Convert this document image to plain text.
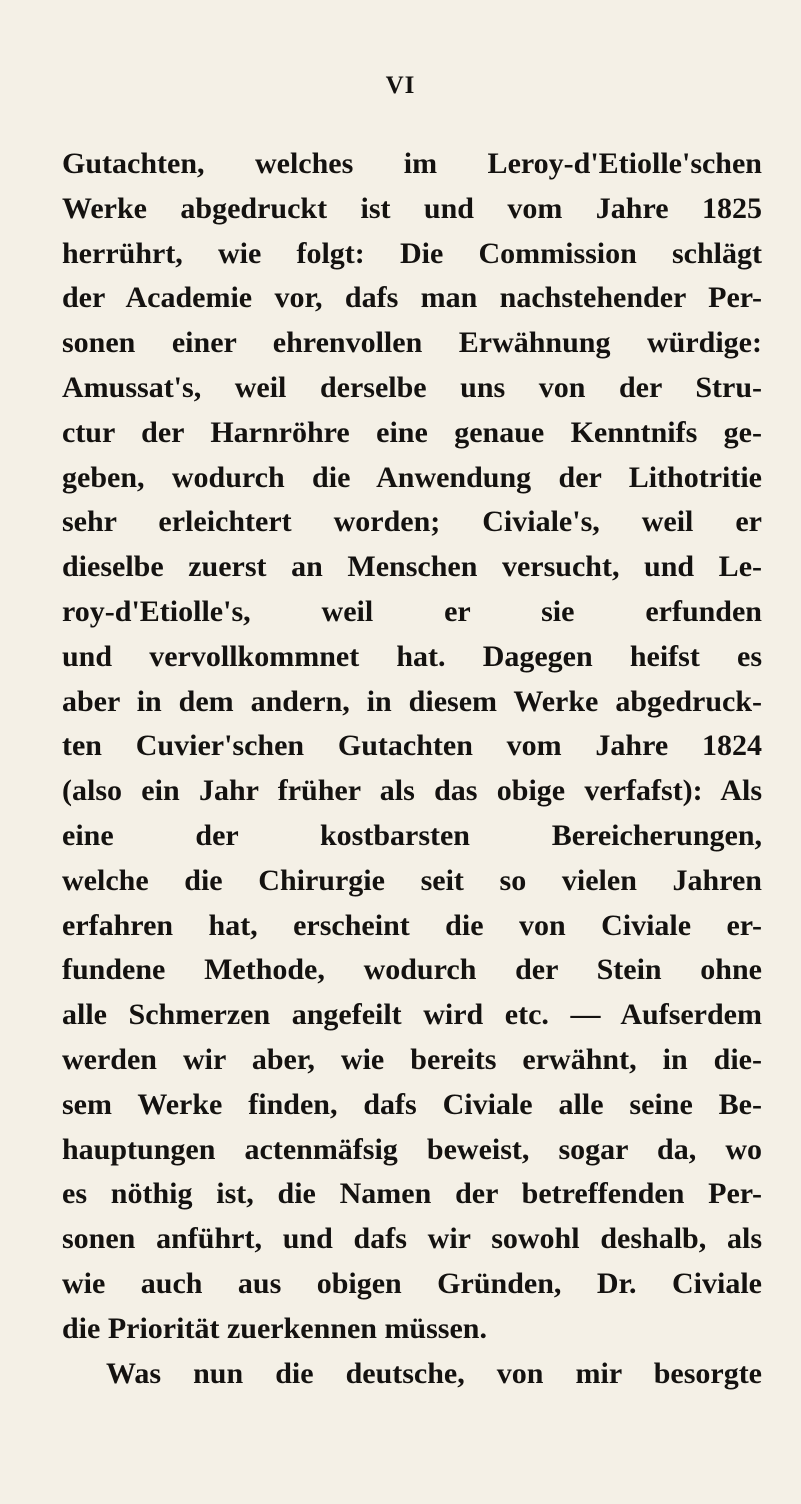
VI
Gutachten, welches im Leroy-d'Etiolle'schen
Werke abgedruckt ist und vom Jahre 1825
herrührt, wie folgt: Die Commission schlägt
der Academie vor, dafs man nachstehender Per-
sonen einer ehrenvollen Erwähnung würdige:
Amussat's, weil derselbe uns von der Stru-
ctur der Harnröhre eine genaue Kenntnifs ge-
geben, wodurch die Anwendung der Lithotritie
sehr erleichtert worden; Civiale's, weil er
dieselbe zuerst an Menschen versucht, und Le-
roy-d'Etiolle's, weil er sie erfunden
und vervollkommnet hat. Dagegen heifst es
aber in dem andern, in diesem Werke abgedruck-
ten Cuvier'schen Gutachten vom Jahre 1824
(also ein Jahr früher als das obige verfafst): Als
eine der kostbarsten Bereicherungen,
welche die Chirurgie seit so vielen Jahren
erfahren hat, erscheint die von Civiale er-
fundene Methode, wodurch der Stein ohne
alle Schmerzen angefeilt wird etc. — Aufserdem
werden wir aber, wie bereits erwähnt, in die-
sem Werke finden, dafs Civiale alle seine Be-
hauptungen actenmäfsig beweist, sogar da, wo
es nöthig ist, die Namen der betreffenden Per-
sonen anführt, und dafs wir sowohl deshalb, als
wie auch aus obigen Gründen, Dr. Civiale
die Priorität zuerkennen müssen.
Was nun die deutsche, von mir besorgte
